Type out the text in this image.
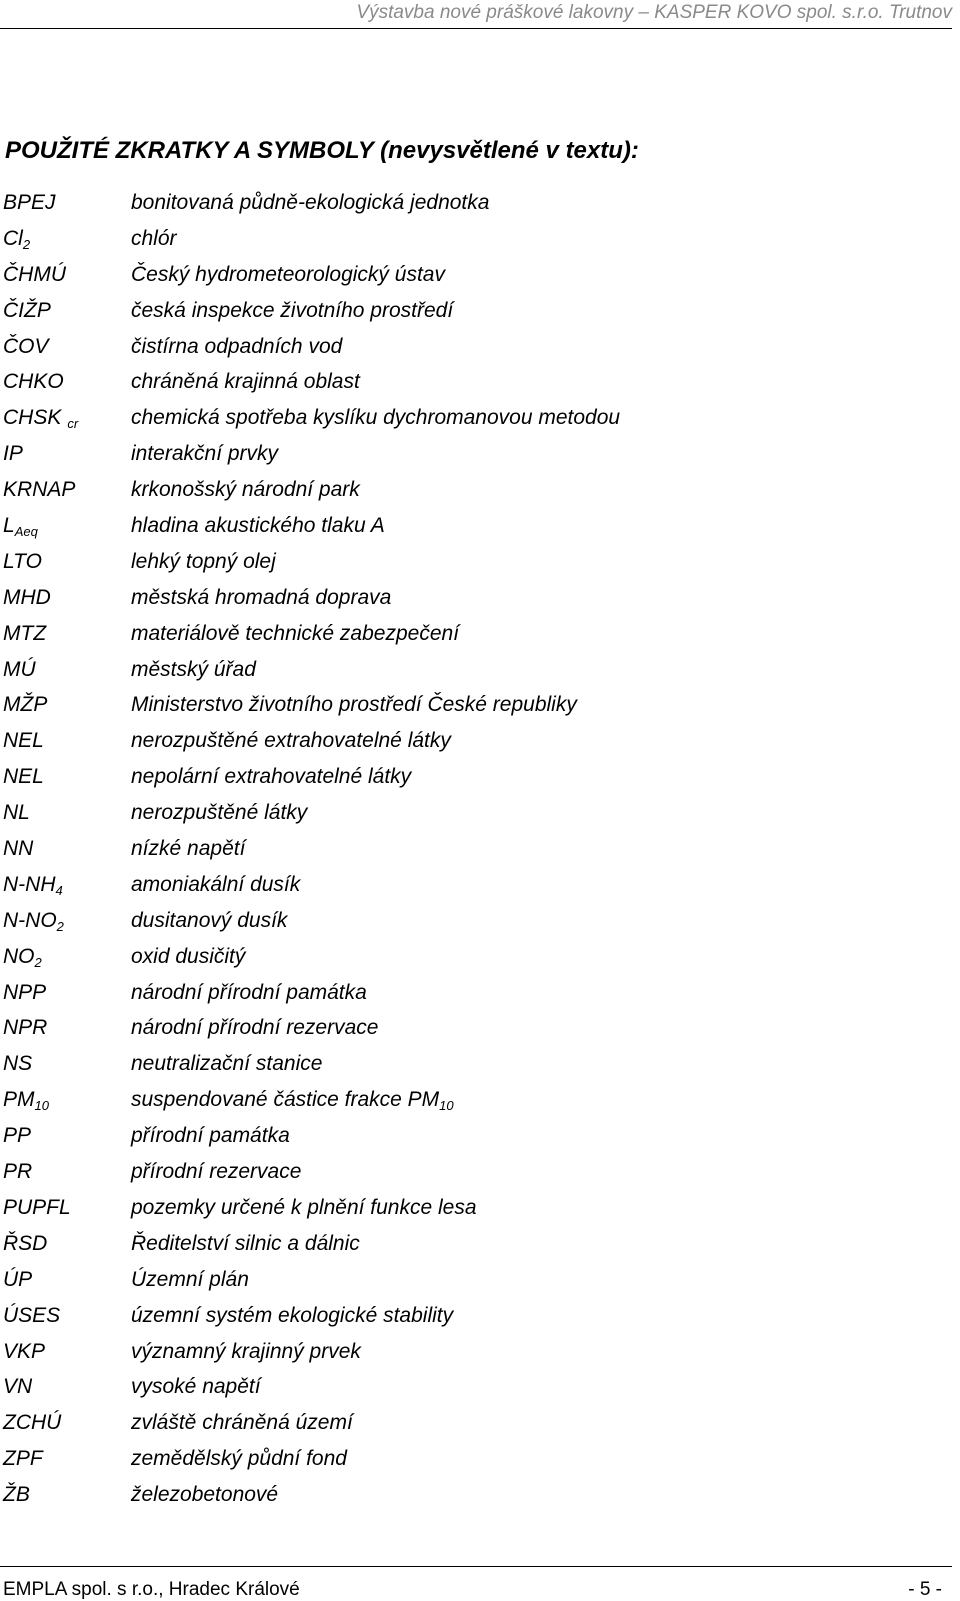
Výstavba nové práškové lakovny – KASPER KOVO spol. s.r.o. Trutnov
POUŽITÉ ZKRATKY A SYMBOLY (nevysvětlené v textu):
BPEJ	bonitovaná půdně-ekologická jednotka
$Cl_2$	chlór
ČHMÚ	Český hydrometeorologický ústav
ČIŽP	česká inspekce životního prostředí
ČOV	čistírna odpadních vod
CHKO	chráněná krajinná oblast
CHSK $_{cr}$	chemická spotřeba kyslíku dychromanovou metodou
IP	interakční prvky
KRNAP	krkonošský národní park
$L_{Aeq}$	hladina akustického tlaku A
LTO	lehký topný olej
MHD	městská hromadná doprava
MTZ	materiálově technické zabezpečení
MÚ	městský úřad
MŽP	Ministerstvo životního prostředí České republiky
NEL	nerozpuštěné extrahovatelné látky
NEL	nepolární extrahovatelné látky
NL	nerozpuštěné látky
NN	nízké napětí
$N-NH_4$	amoniakální dusík
$N-NO_2$	dusitanový dusík
$NO_2$	oxid dusičitý
NPP	národní přírodní památka
NPR	národní přírodní rezervace
NS	neutralizační stanice
$PM_{10}$	suspendované částice frakce $PM_{10}$
PP	přírodní památka
PR	přírodní rezervace
PUPFL	pozemky určené k plnění funkce lesa
ŘSD	Ředitelství silnic a dálnic
ÚP	Územní plán
ÚSES	územní systém ekologické stability
VKP	významný krajinný prvek
VN	vysoké napětí
ZCHÚ	zvláště chráněná území
ZPF	zemědělský půdní fond
ŽB	železobetonové
EMPLA spol. s r.o., Hradec Králové	- 5 -
